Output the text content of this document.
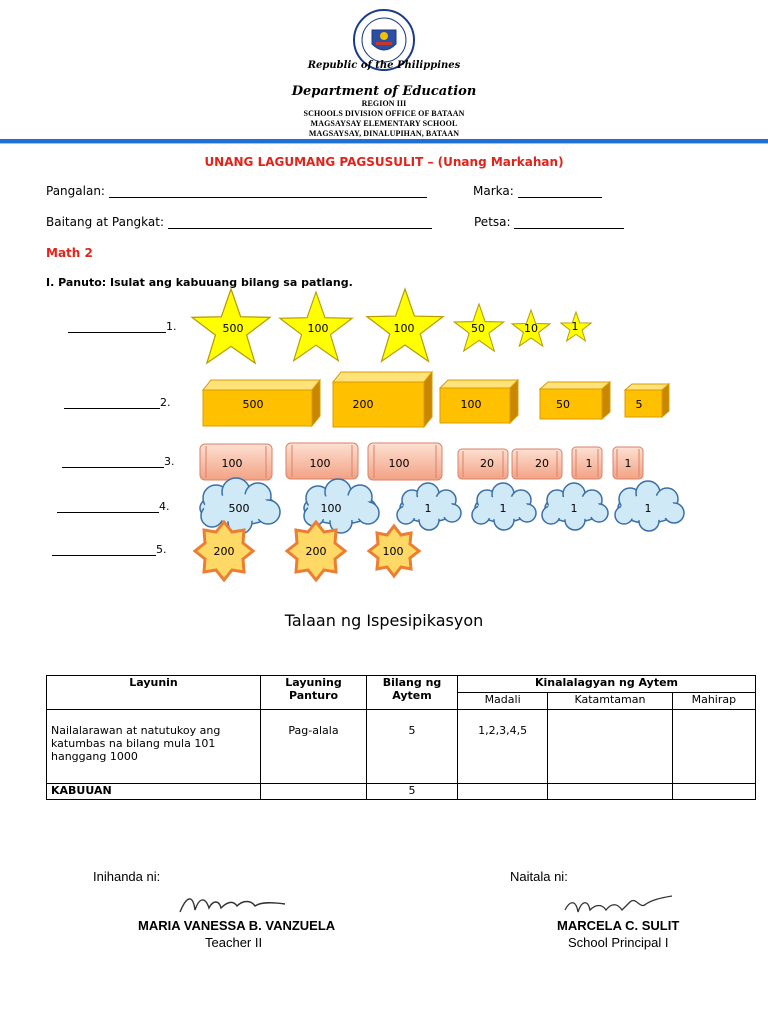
Republic of the Philippines
Department of Education
REGION III
SCHOOLS DIVISION OFFICE OF BATAAN
MAGSAYSAY ELEMENTARY SCHOOL
MAGSAYSAY, DINALUPIHAN, BATAAN
UNANG LAGUMANG PAGSUSULIT – (Unang Markahan)
Pangalan:	Marka:
Baitang at Pangkat:	Petsa:
Math 2
I. Panuto: Isulat ang kabuuang bilang sa patlang.
1.
2.
3.
4.
5.
500	100	100	50	10	1
500	200	100	50	5
100	100	100	20	20	1	1
500	100	1	1	1	1
200	200	100
Talaan ng Ispesipikasyon
Layunin	Layuning Panturo	Bilang ng Aytem	Kinalalagyan ng Aytem		
			Madali	Katamtaman	Mahirap
Nailalarawan at natutukoy ang katumbas na bilang mula 101 hanggang 1000	Pag-alala	5	1,2,3,4,5		
KABUUAN		5			
Inihanda ni:
MARIA VANESSA B. VANZUELA
Teacher II
Naitala ni:
MARCELA C. SULIT
School Principal I
